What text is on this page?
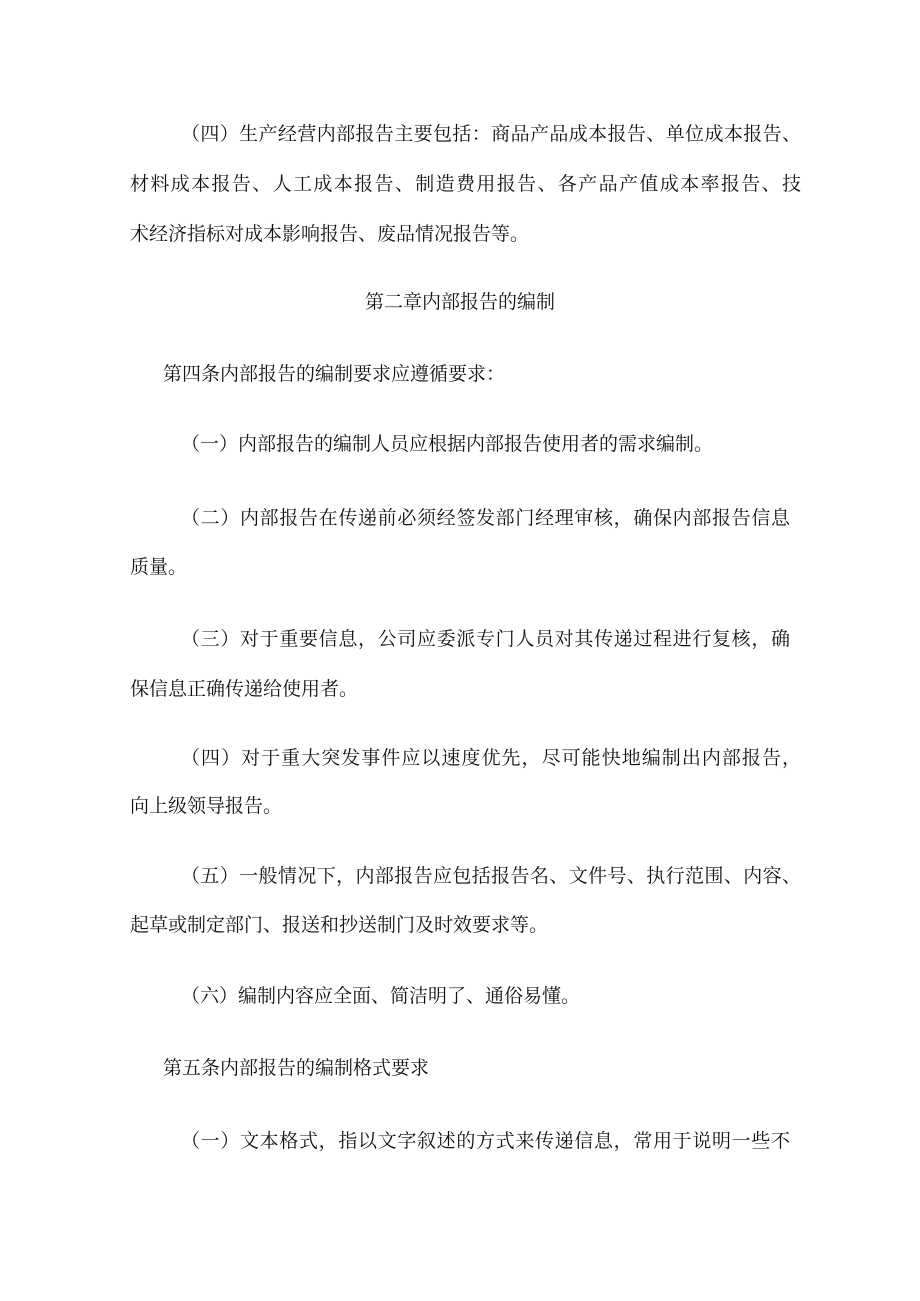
（四）生产经营内部报告主要包括：商品产品成本报告、单位成本报告、
材料成本报告、人工成本报告、制造费用报告、各产品产值成本率报告、技
术经济指标对成本影响报告、废品情况报告等。
第二章内部报告的编制
第四条内部报告的编制要求应遵循要求：
（一）内部报告的编制人员应根据内部报告使用者的需求编制。
（二）内部报告在传递前必须经签发部门经理审核，确保内部报告信息
质量。
（三）对于重要信息，公司应委派专门人员对其传递过程进行复核，确
保信息正确传递给使用者。
（四）对于重大突发事件应以速度优先，尽可能快地编制出内部报告，
向上级领导报告。
（五）一般情况下，内部报告应包括报告名、文件号、执行范围、内容、
起草或制定部门、报送和抄送制门及时效要求等。
（六）编制内容应全面、简洁明了、通俗易懂。
第五条内部报告的编制格式要求
（一）文本格式，指以文字叙述的方式来传递信息，常用于说明一些不
